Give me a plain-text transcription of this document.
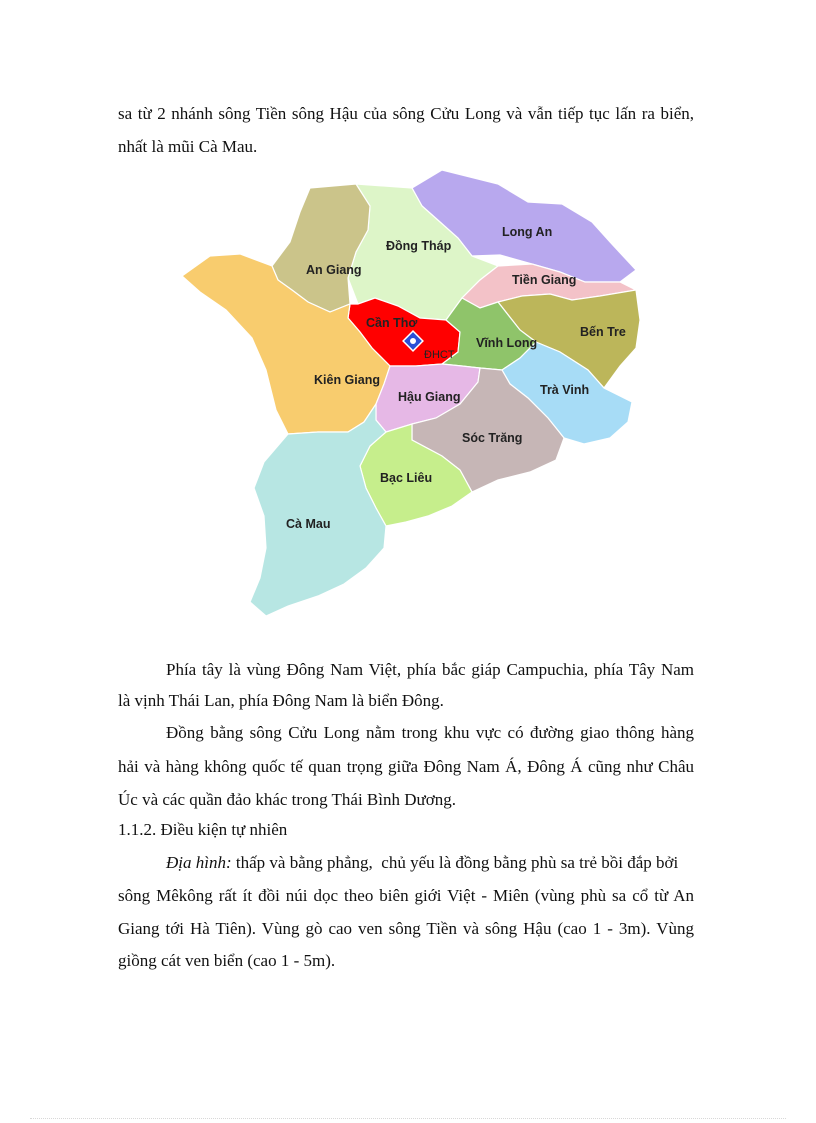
sa từ 2 nhánh sông Tiền sông Hậu của sông Cửu Long và vẫn tiếp tục lấn ra biển,
nhất là mũi Cà Mau.
Long An
Đồng Tháp
An Giang
Tiền Giang
Cần Thơ
Bến Tre
Vĩnh Long
ĐHCT
Kiên Giang
Trà Vinh
Hậu Giang
Sóc Trăng
Bạc Liêu
Cà Mau
Phía tây là vùng Đông Nam Việt, phía bắc giáp Campuchia, phía Tây Nam
là vịnh Thái Lan, phía Đông Nam là biển Đông.
Đồng bằng sông Cửu Long nằm trong khu vực có đường giao thông hàng
hải và hàng không quốc tế quan trọng giữa Đông Nam Á, Đông Á cũng như Châu
Úc và các quần đảo khác trong Thái Bình Dương.
1.1.2. Điều kiện tự nhiên
Địa hình: thấp và bằng phẳng,  chủ yếu là đồng bằng phù sa trẻ bồi đắp bởi
sông Mêkông rất ít đồi núi dọc theo biên giới Việt - Miên (vùng phù sa cổ từ An
Giang tới Hà Tiên). Vùng gò cao ven sông Tiền và sông Hậu (cao 1 - 3m). Vùng
giồng cát ven biển (cao 1 - 5m).
